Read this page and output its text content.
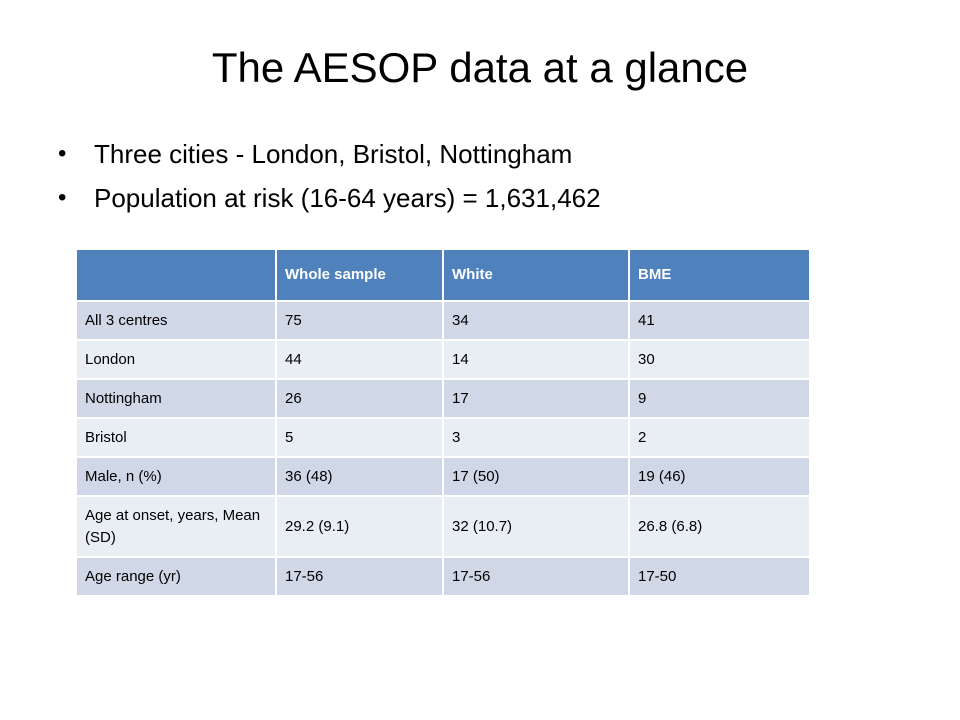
The AESOP data at a glance
• Three cities - London, Bristol, Nottingham
• Population at risk (16-64 years) = 1,631,462
	Whole sample	White	BME
All 3 centres	75	34	41
London	44	14	30
Nottingham	26	17	9
Bristol	5	3	2
Male, n (%)	36 (48)	17 (50)	19 (46)
Age at onset, years, Mean (SD)	29.2 (9.1)	32 (10.7)	26.8 (6.8)
Age range (yr)	17-56	17-56	17-50
